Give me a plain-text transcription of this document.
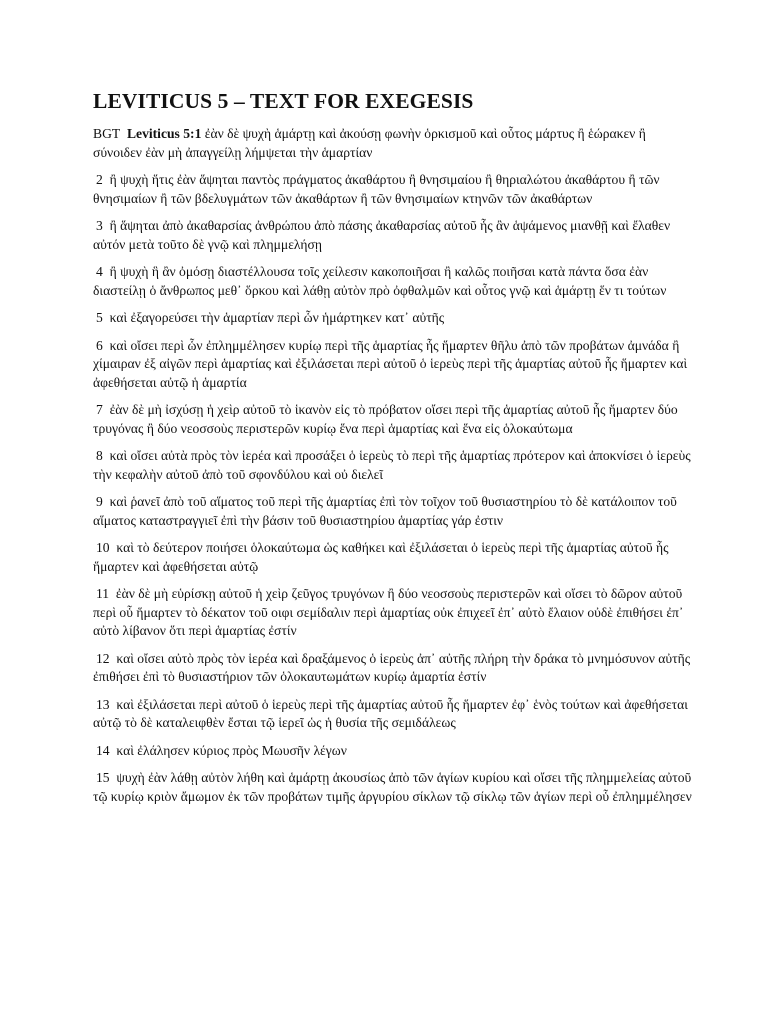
LEVITICUS 5 – TEXT FOR EXEGESIS

BGT Leviticus 5:1 ἐὰν δὲ ψυχὴ ἁμάρτῃ καὶ ἀκούσῃ φωνὴν ὁρκισμοῦ καὶ οὗτος μάρτυς ἢ ἑώρακεν ἢ σύνοιδεν ἐὰν μὴ ἀπαγγείλῃ λήμψεται τὴν ἁμαρτίαν

2 ἢ ψυχὴ ἥτις ἐὰν ἅψηται παντὸς πράγματος ἀκαθάρτου ἢ θνησιμαίου ἢ θηριαλώτου ἀκαθάρτου ἢ τῶν θνησιμαίων ἢ τῶν βδελυγμάτων τῶν ἀκαθάρτων ἢ τῶν θνησιμαίων κτηνῶν τῶν ἀκαθάρτων

3 ἢ ἅψηται ἀπὸ ἀκαθαρσίας ἀνθρώπου ἀπὸ πάσης ἀκαθαρσίας αὐτοῦ ἧς ἂν ἁψάμενος μιανθῇ καὶ ἔλαθεν αὐτόν μετὰ τοῦτο δὲ γνῷ καὶ πλημμελήσῃ

4 ἢ ψυχὴ ἣ ἂν ὀμόσῃ διαστέλλουσα τοῖς χείλεσιν κακοποιῆσαι ἢ καλῶς ποιῆσαι κατὰ πάντα ὅσα ἐὰν διαστείλῃ ὁ ἄνθρωπος μεθ᾽ ὅρκου καὶ λάθῃ αὐτὸν πρὸ ὀφθαλμῶν καὶ οὗτος γνῷ καὶ ἁμάρτῃ ἕν τι τούτων

5 καὶ ἐξαγορεύσει τὴν ἁμαρτίαν περὶ ὧν ἡμάρτηκεν κατ᾽ αὐτῆς

6 καὶ οἴσει περὶ ὧν ἐπλημμέλησεν κυρίῳ περὶ τῆς ἁμαρτίας ἧς ἥμαρτεν θῆλυ ἀπὸ τῶν προβάτων ἀμνάδα ἢ χίμαιραν ἐξ αἰγῶν περὶ ἁμαρτίας καὶ ἐξιλάσεται περὶ αὐτοῦ ὁ ἱερεὺς περὶ τῆς ἁμαρτίας αὐτοῦ ἧς ἥμαρτεν καὶ ἀφεθήσεται αὐτῷ ἡ ἁμαρτία

7 ἐὰν δὲ μὴ ἰσχύσῃ ἡ χεὶρ αὐτοῦ τὸ ἱκανὸν εἰς τὸ πρόβατον οἴσει περὶ τῆς ἁμαρτίας αὐτοῦ ἧς ἥμαρτεν δύο τρυγόνας ἢ δύο νεοσσοὺς περιστερῶν κυρίῳ ἕνα περὶ ἁμαρτίας καὶ ἕνα εἰς ὁλοκαύτωμα

8 καὶ οἴσει αὐτὰ πρὸς τὸν ἱερέα καὶ προσάξει ὁ ἱερεὺς τὸ περὶ τῆς ἁμαρτίας πρότερον καὶ ἀποκνίσει ὁ ἱερεὺς τὴν κεφαλὴν αὐτοῦ ἀπὸ τοῦ σφονδύλου καὶ οὐ διελεῖ

9 καὶ ῥανεῖ ἀπὸ τοῦ αἵματος τοῦ περὶ τῆς ἁμαρτίας ἐπὶ τὸν τοῖχον τοῦ θυσιαστηρίου τὸ δὲ κατάλοιπον τοῦ αἵματος καταστραγγιεῖ ἐπὶ τὴν βάσιν τοῦ θυσιαστηρίου ἁμαρτίας γάρ ἐστιν

10 καὶ τὸ δεύτερον ποιήσει ὁλοκαύτωμα ὡς καθήκει καὶ ἐξιλάσεται ὁ ἱερεὺς περὶ τῆς ἁμαρτίας αὐτοῦ ἧς ἥμαρτεν καὶ ἀφεθήσεται αὐτῷ

11 ἐὰν δὲ μὴ εὑρίσκῃ αὐτοῦ ἡ χεὶρ ζεῦγος τρυγόνων ἢ δύο νεοσσοὺς περιστερῶν καὶ οἴσει τὸ δῶρον αὐτοῦ περὶ οὗ ἥμαρτεν τὸ δέκατον τοῦ οιφι σεμίδαλιν περὶ ἁμαρτίας οὐκ ἐπιχεεῖ ἐπ᾽ αὐτὸ ἔλαιον οὐδὲ ἐπιθήσει ἐπ᾽ αὐτὸ λίβανον ὅτι περὶ ἁμαρτίας ἐστίν

12 καὶ οἴσει αὐτὸ πρὸς τὸν ἱερέα καὶ δραξάμενος ὁ ἱερεὺς ἀπ᾽ αὐτῆς πλήρη τὴν δράκα τὸ μνημόσυνον αὐτῆς ἐπιθήσει ἐπὶ τὸ θυσιαστήριον τῶν ὁλοκαυτωμάτων κυρίῳ ἁμαρτία ἐστίν

13 καὶ ἐξιλάσεται περὶ αὐτοῦ ὁ ἱερεὺς περὶ τῆς ἁμαρτίας αὐτοῦ ἧς ἥμαρτεν ἐφ᾽ ἑνὸς τούτων καὶ ἀφεθήσεται αὐτῷ τὸ δὲ καταλειφθὲν ἔσται τῷ ἱερεῖ ὡς ἡ θυσία τῆς σεμιδάλεως

14 καὶ ἐλάλησεν κύριος πρὸς Μωυσῆν λέγων

15 ψυχὴ ἐὰν λάθῃ αὐτὸν λήθη καὶ ἁμάρτῃ ἀκουσίως ἀπὸ τῶν ἁγίων κυρίου καὶ οἴσει τῆς πλημμελείας αὐτοῦ τῷ κυρίῳ κριὸν ἄμωμον ἐκ τῶν προβάτων τιμῆς ἀργυρίου σίκλων τῷ σίκλῳ τῶν ἁγίων περὶ οὗ ἐπλημμέλησεν
